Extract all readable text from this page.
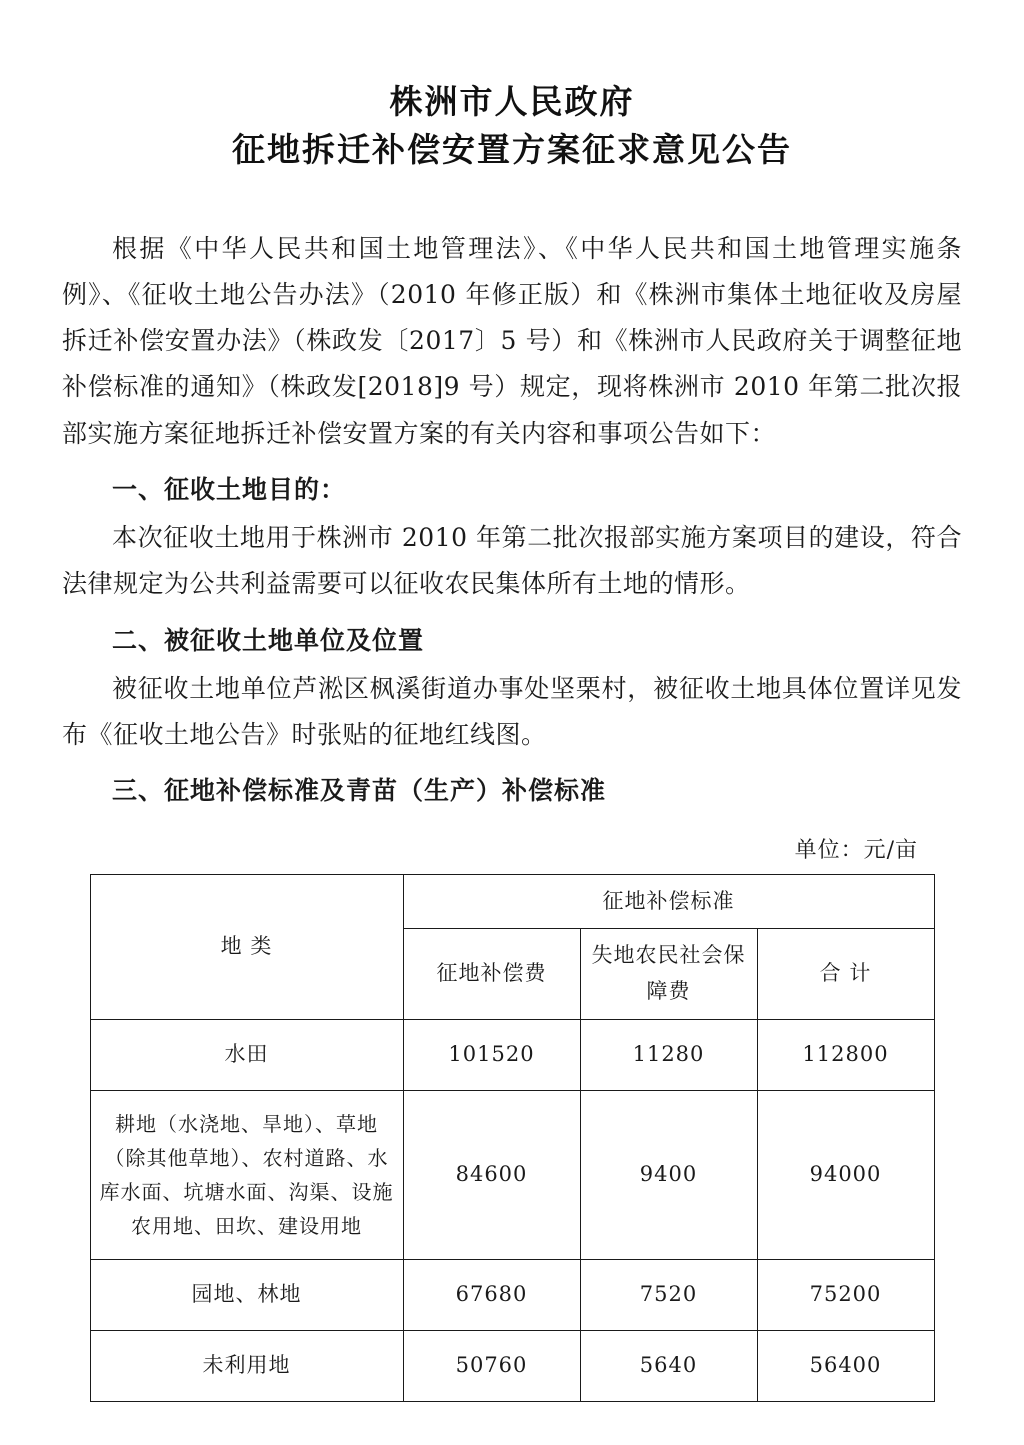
株洲市人民政府
征地拆迁补偿安置方案征求意见公告

根据《中华人民共和国土地管理法》、《中华人民共和国土地管理实施条例》、《征收土地公告办法》（2010 年修正版）和《株洲市集体土地征收及房屋拆迁补偿安置办法》（株政发〔2017〕5 号）和《株洲市人民政府关于调整征地补偿标准的通知》（株政发[2018]9 号）规定，现将株洲市 2010 年第二批次报部实施方案征地拆迁补偿安置方案的有关内容和事项公告如下：

一、征收土地目的：

本次征收土地用于株洲市 2010 年第二批次报部实施方案项目的建设，符合法律规定为公共利益需要可以征收农民集体所有土地的情形。

二、被征收土地单位及位置

被征收土地单位芦淞区枫溪街道办事处坚栗村，被征收土地具体位置详见发布《征收土地公告》时张贴的征地红线图。

三、征地补偿标准及青苗（生产）补偿标准

单位：元/亩
地 类	征地补偿标准		
	征地补偿费	失地农民社会保障费	合 计
水田	101520	11280	112800
耕地（水浇地、旱地）、草地（除其他草地）、农村道路、水库水面、坑塘水面、沟渠、设施农用地、田坎、建设用地	84600	9400	94000
园地、林地	67680	7520	75200
未利用地	50760	5640	56400
